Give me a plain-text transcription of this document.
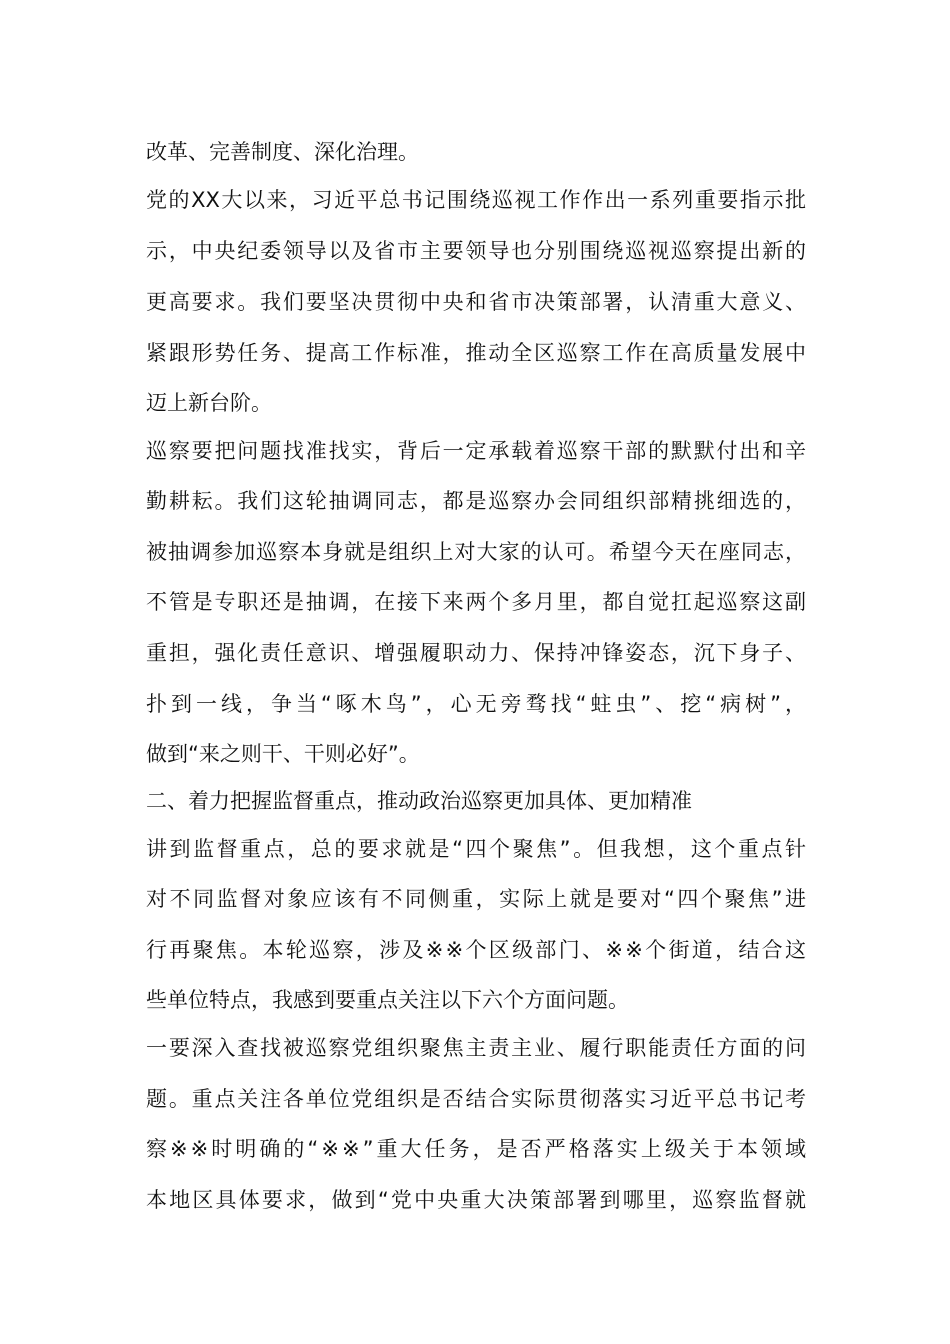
改革、完善制度、深化治理。
党的XX大以来，习近平总书记围绕巡视工作作出一系列重要指示批
示，中央纪委领导以及省市主要领导也分别围绕巡视巡察提出新的
更高要求。我们要坚决贯彻中央和省市决策部署，认清重大意义、
紧跟形势任务、提高工作标准，推动全区巡察工作在高质量发展中
迈上新台阶。
巡察要把问题找准找实，背后一定承载着巡察干部的默默付出和辛
勤耕耘。我们这轮抽调同志，都是巡察办会同组织部精挑细选的，
被抽调参加巡察本身就是组织上对大家的认可。希望今天在座同志，
不管是专职还是抽调，在接下来两个多月里，都自觉扛起巡察这副
重担，强化责任意识、增强履职动力、保持冲锋姿态，沉下身子、
扑到一线，争当“啄木鸟”，心无旁骛找“蛀虫”、挖“病树”，
做到“来之则干、干则必好”。
二、着力把握监督重点，推动政治巡察更加具体、更加精准
讲到监督重点，总的要求就是“四个聚焦”。但我想，这个重点针
对不同监督对象应该有不同侧重，实际上就是要对“四个聚焦”进
行再聚焦。本轮巡察，涉及※※个区级部门、※※个街道，结合这
些单位特点，我感到要重点关注以下六个方面问题。
一要深入查找被巡察党组织聚焦主责主业、履行职能责任方面的问
题。重点关注各单位党组织是否结合实际贯彻落实习近平总书记考
察※※时明确的“※※”重大任务，是否严格落实上级关于本领域
本地区具体要求，做到“党中央重大决策部署到哪里，巡察监督就
